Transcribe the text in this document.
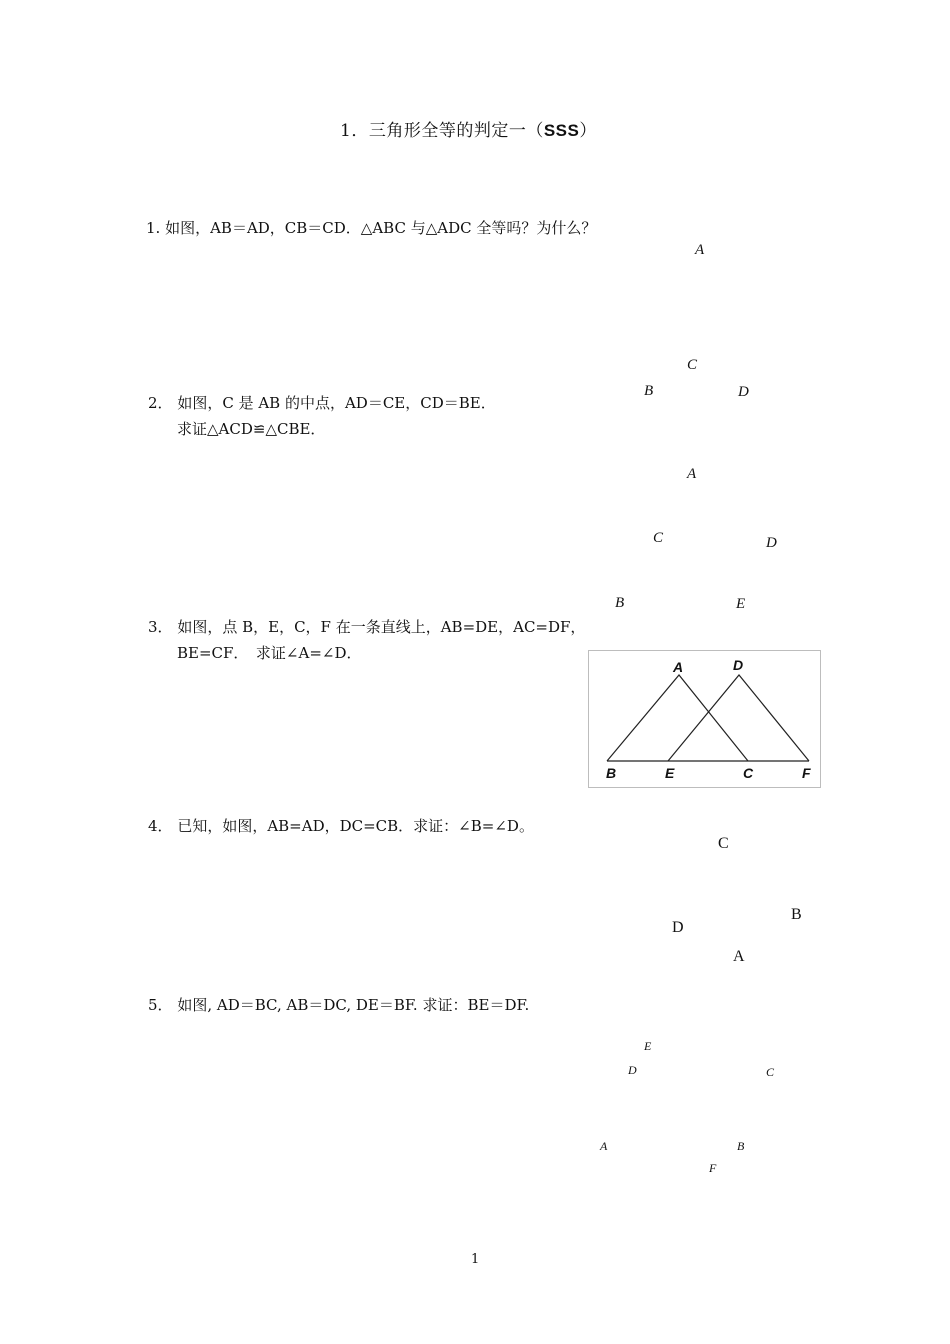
1．三角形全等的判定一（SSS）
1. 如图，AB＝AD，CB＝CD．△ABC 与△ADC 全等吗？为什么？
A
C
B	D
2． 如图，C 是 AB 的中点，AD＝CE，CD＝BE．
求证△ACD≌△CBE．
A
C	D
B	E
3． 如图，点 B，E，C，F 在一条直线上，AB=DE，AC=DF，
BE=CF．　求证∠A=∠D．
A	D
B	E	C	F
4． 已知，如图，AB=AD，DC=CB．求证：∠B=∠D。
C
B
D
A
5． 如图, AD＝BC, AB＝DC, DE＝BF. 求证：BE＝DF.
E
D	C
A	B
F
1
